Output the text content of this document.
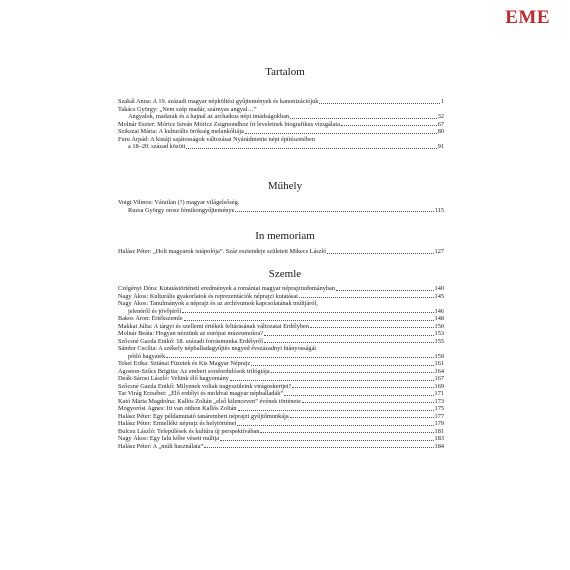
EME
Tartalom
Szakál Anna: A 19. századi magyar népköltési gyűjtemények és kanonizációjuk	1
Takács György: „Nem szép madár, szárnyas angyal…”
Angyalok, madarak és a hajnal az archaikus népi imádságokban	32
Molnár Eszter: Móricz István Móricz Zsigmondhoz írt leveleinek biografikus vizsgálata	67
Szikszai Mária: A kulturális örökség melankóliája	80
Furu Árpád: A kistáji sajátosságok változásai Nyárádmente népi építészetében
a 18–20. század között	91
Műhely
Voigt Vilmos: Váratlan (?) magyar világelsőség.
Ruzsa György orosz fémikongyűjteménye	115
In memoriam
Halász Péter: „Holt magyarok istápolója”. Száz esztendeje született Mikecs László	127
Szemle
Czégényi Dóra: Kutatástörténeti eredmények a romániai magyar néprajztudományban	140
Nagy Ákos: Kulturális gyakorlatok és reprezentációk néprajzi kutatásai	145
Nagy Ákos: Tanulmányok a néprajz és az archívumok kapcsolatának múltjáról,
jelenéről és jövőjéről	146
Bakos Áron: Értékszemle	148
Makkai Júlia: A tárgyi és szellemi értékek feltárásának változatai Erdélyben	150
Molnár Beáta: Hogyan nézzünk az európai múzeumokra?	153
Szőcsné Gazda Enikő: 18. századi forrásmunka Erdélyről	155
Sándor Cecília: A székely népballadagyűjtés negyed évszázadnyi hiányosságát
pótló hagyaték	159
Tekei Erika: Sztánai Füzetek és Kis Magyar Néprajz	161
Ágoston-Szűcs Brigitta: Az emberi sorsfordulósok trilógiája	164
Deák-Sárosi László: Velünk élő hagyomány	167
Szőcsné Gazda Enikő: Milyenek voltak nagyszüleink virágoskertjei?	169
Tar Virág Erzsébet: „Élő erdélyi és moldvai magyar népballadák”	171
Kató Mária Magdolna: Kallós Zoltán „első kilenceven” évének története	173
Mogyorósi Ágnes: Itt van otthon Kallós Zoltán	175
Halász Péter: Egy példamutató tanáremberi néprajzi gyűjtőmunkája	177
Halász Péter: Ermelléki néprajz és helytörténet	179
Bulcsu László: Települések és kultúra új perspektívában	181
Nagy Ákos: Egy falu kőbe vésett múltja	183
Halász Péter: A „múlt használata”	184
